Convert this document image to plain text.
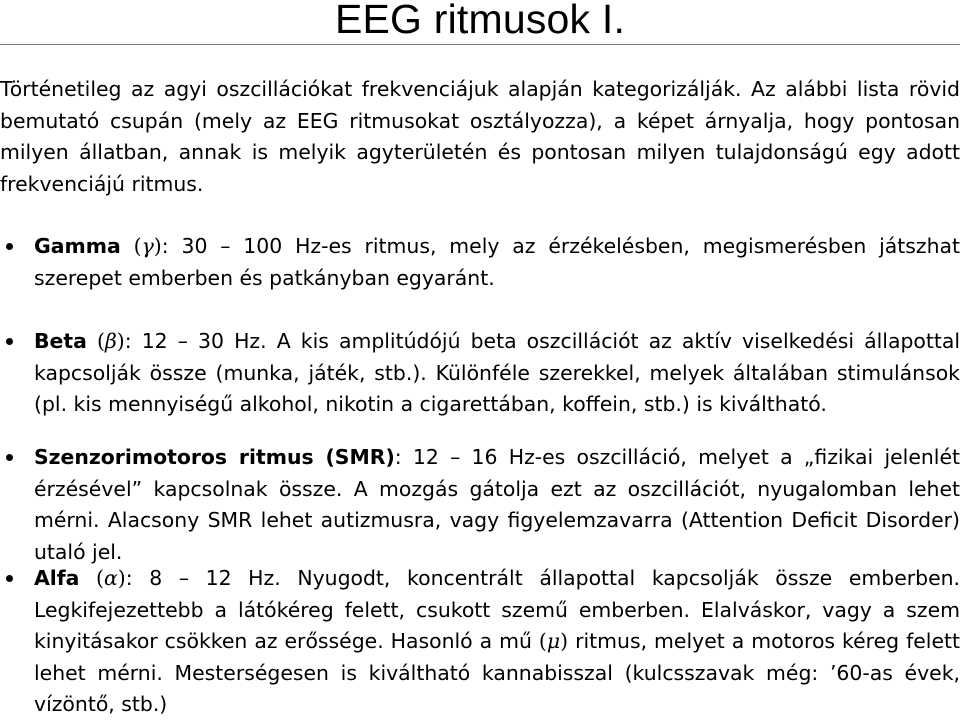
EEG ritmusok I.
Történetileg az agyi oszcillációkat frekvenciájuk alapján kategorizálják. Az alábbi lista rövid bemutató csupán (mely az EEG ritmusokat osztályozza), a képet árnyalja, hogy pontosan milyen állatban, annak is melyik agyterületén és pontosan milyen tulajdonságú egy adott frekvenciájú ritmus.
Gamma (γ): 30 – 100 Hz-es ritmus, mely az érzékelésben, megismerésben játszhat szerepet emberben és patkányban egyaránt.
Beta (β): 12 – 30 Hz. A kis amplitúdójú beta oszcillációt az aktív viselkedési állapottal kapcsolják össze (munka, játék, stb.). Különféle szerekkel, melyek általában stimulánsok (pl. kis mennyiségű alkohol, nikotin a cigarettában, koffein, stb.) is kiváltható.
Szenzorimotoros ritmus (SMR): 12 – 16 Hz-es oszcilláció, melyet a „fizikai jelenlét érzésével” kapcsolnak össze. A mozgás gátolja ezt az oszcillációt, nyugalomban lehet mérni. Alacsony SMR lehet autizmusra, vagy figyelemzavarra (Attention Deficit Disorder) utaló jel.
Alfa (α): 8 – 12 Hz. Nyugodt, koncentrált állapottal kapcsolják össze emberben. Legkifejezettebb a látókéreg felett, csukott szemű emberben. Elalváskor, vagy a szem kinyitásakor csökken az erőssége. Hasonló a mű (μ) ritmus, melyet a motoros kéreg felett lehet mérni. Mesterségesen is kiváltható kannabisszal (kulcsszavak még: ’60-as évek, vízöntő, stb.)
